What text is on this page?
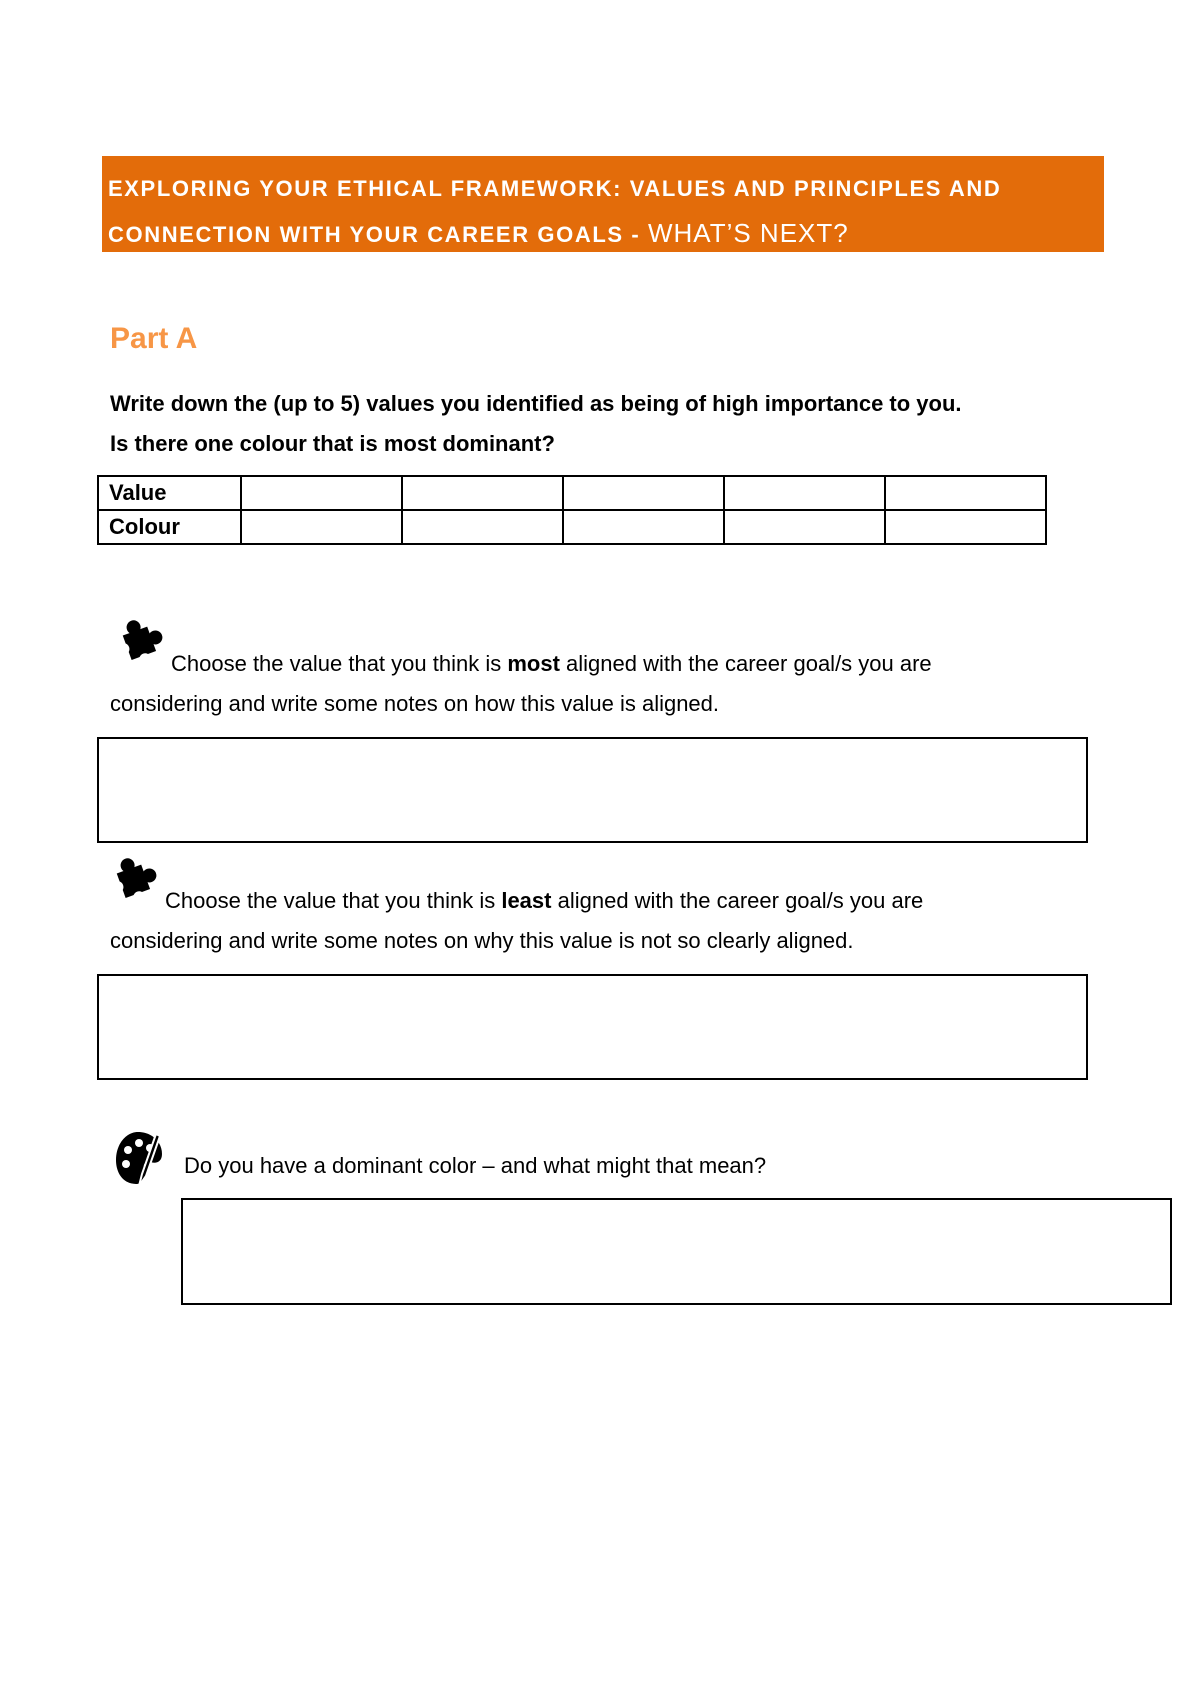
EXPLORING YOUR ETHICAL FRAMEWORK: VALUES AND PRINCIPLES AND
CONNECTION WITH YOUR CAREER GOALS - WHAT’S NEXT?
Part A

Write down the (up to 5) values you identified as being of high importance to you.
Is there one colour that is most dominant?

Value					
Colour					

Choose the value that you think is most aligned with the career goal/s you are
considering and write some notes on how this value is aligned.

Choose the value that you think is least aligned with the career goal/s you are
considering and write some notes on why this value is not so clearly aligned.

Do you have a dominant color – and what might that mean?
